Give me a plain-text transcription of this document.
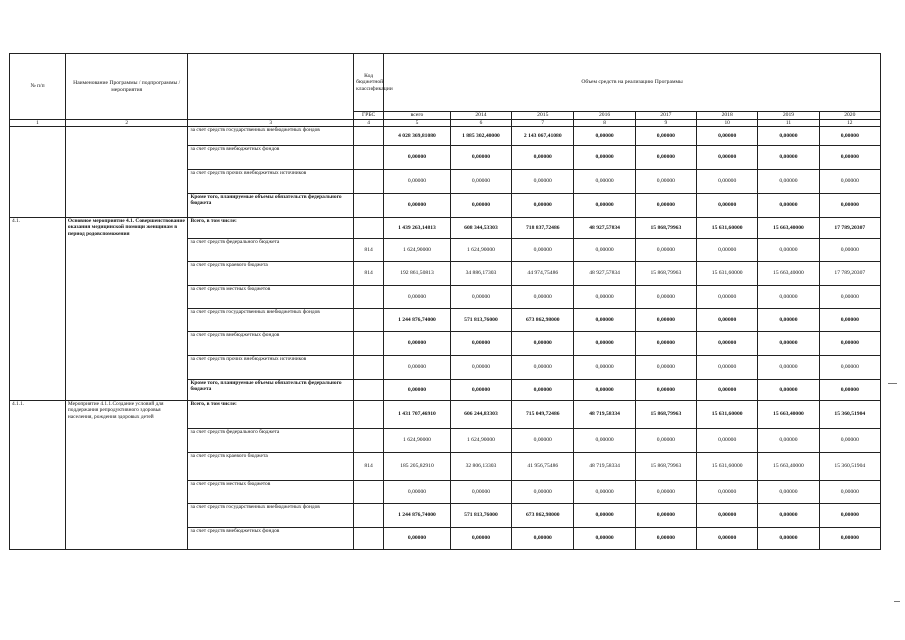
№ п/п	Наименование Программы / подпрограммы / мероприятия		Код бюджетной классификации	Объем средств на реализацию Программы							
			ГРБС	всего	2014	2015	2016	2017	2018	2019	2020
1	2	3	4	5	6	7	8	9	10	11	12
		за счет средств государственных внебюджетных фондов		4 028 369,81080	1 885 302,40000	2 143 067,41080	0,00000	0,00000	0,00000	0,00000	0,00000
		за счет средств внебюджетных фондов		0,00000	0,00000	0,00000	0,00000	0,00000	0,00000	0,00000	0,00000
		за счет средств прочих внебюджетных источников		0,00000	0,00000	0,00000	0,00000	0,00000	0,00000	0,00000	0,00000
		Кроме того, планируемые объемы обязательств федерального бюджета		0,00000	0,00000	0,00000	0,00000	0,00000	0,00000	0,00000	0,00000
4.1.	Основное мероприятие 4.1. Совершенствование оказания медицинской помощи женщинам в период родовспоможения	Всего, в том числе:		1 439 263,14813	608 344,53303	718 837,72486	48 927,57834	15 868,79963	15 631,60000	15 663,40000	17 789,20307
		за счет средств федерального бюджета	814	1 624,90000	1 624,90000	0,00000	0,00000	0,00000	0,00000	0,00000	0,00000
		за счет средств краевого бюджета	814	192 861,50813	34 886,17303	44 974,75486	48 927,57834	15 868,79963	15 631,60000	15 663,40000	17 789,20307
		за счет средств местных бюджетов		0,00000	0,00000	0,00000	0,00000	0,00000	0,00000	0,00000	0,00000
		за счет средств государственных внебюджетных фондов		1 244 876,74000	571 813,76000	673 862,98000	0,00000	0,00000	0,00000	0,00000	0,00000
		за счет средств внебюджетных фондов		0,00000	0,00000	0,00000	0,00000	0,00000	0,00000	0,00000	0,00000
		за счет средств прочих внебюджетных источников		0,00000	0,00000	0,00000	0,00000	0,00000	0,00000	0,00000	0,00000
		Кроме того, планируемые объемы обязательств федерального бюджета		0,00000	0,00000	0,00000	0,00000	0,00000	0,00000	0,00000	0,00000
4.1.1.	Мероприятие 4.1.1.Создание условий для поддержания репродуктивного здоровья населения, рождения здоровых детей	Всего, в том числе:		1 431 707,46910	606 244,83303	715 049,72486	48 719,58334	15 868,79963	15 631,60000	15 663,40000	15 360,51904
		за счет средств федерального бюджета		1 624,90000	1 624,90000	0,00000	0,00000	0,00000	0,00000	0,00000	0,00000
		за счет средств краевого бюджета	814	185 205,82910	32 806,13303	41 956,75486	48 719,58334	15 868,79963	15 631,60000	15 663,40000	15 360,51904
		за счет средств местных бюджетов		0,00000	0,00000	0,00000	0,00000	0,00000	0,00000	0,00000	0,00000
		за счет средств государственных внебюджетных фондов		1 244 876,74000	571 813,76000	673 862,98000	0,00000	0,00000	0,00000	0,00000	0,00000
		за счет средств внебюджетных фондов		0,00000	0,00000	0,00000	0,00000	0,00000	0,00000	0,00000	0,00000
